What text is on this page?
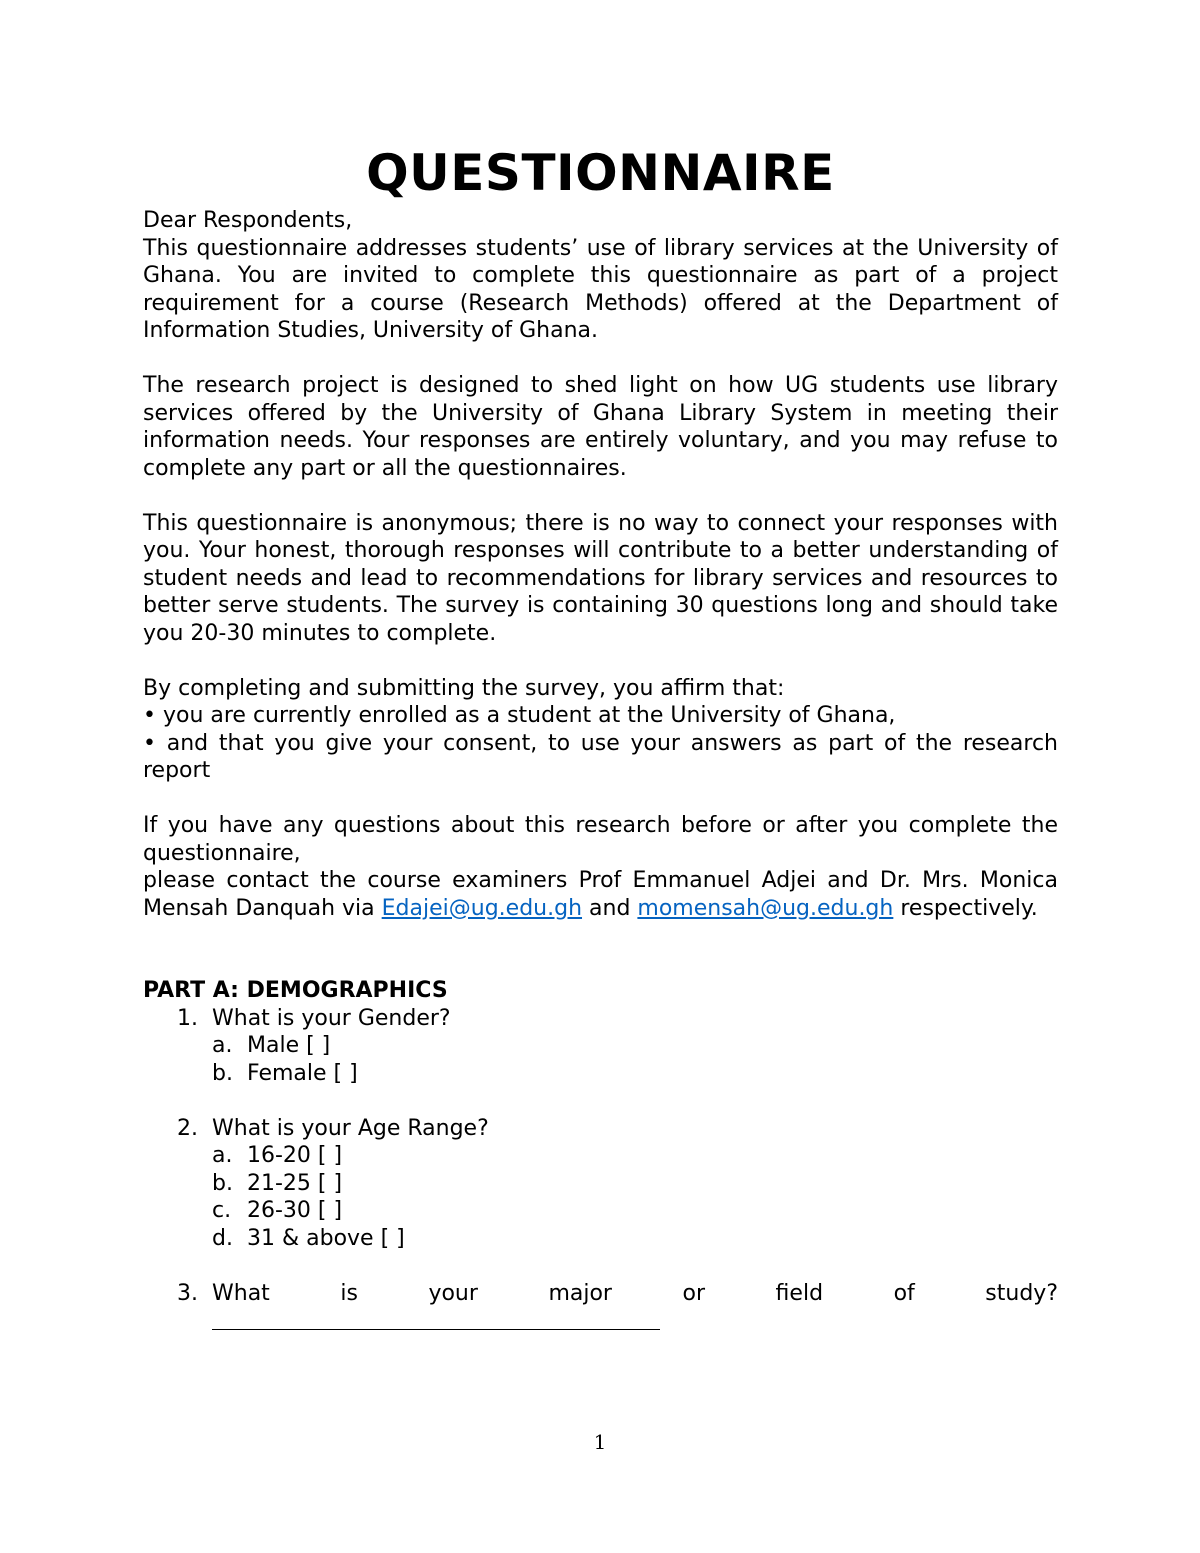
QUESTIONNAIRE

Dear Respondents,

This questionnaire addresses students’ use of library services at the University of Ghana. You are invited to complete this questionnaire as part of a project requirement for a course (Research Methods) offered at the Department of Information Studies, University of Ghana.

The research project is designed to shed light on how UG students use library services offered by the University of Ghana Library System in meeting their information needs. Your responses are entirely voluntary, and you may refuse to complete any part or all the questionnaires.

This questionnaire is anonymous; there is no way to connect your responses with you. Your honest, thorough responses will contribute to a better understanding of student needs and lead to recommendations for library services and resources to better serve students. The survey is containing 30 questions long and should take you 20-30 minutes to complete.

By completing and submitting the survey, you affirm that:

• you are currently enrolled as a student at the University of Ghana,

• and that you give your consent, to use your answers as part of the research report

If you have any questions about this research before or after you complete the questionnaire,

please contact the course examiners Prof Emmanuel Adjei and Dr. Mrs. Monica Mensah Danquah via Edajei@ug.edu.gh and momensah@ug.edu.gh respectively.

PART A: DEMOGRAPHICS

1. What is your Gender?
a. Male [ ]
b. Female [ ]
2. What is your Age Range?
a. 16-20 [ ]
b. 21-25 [ ]
c. 26-30 [ ]
d. 31 & above [ ]
3. What is your major or field of study?
1
